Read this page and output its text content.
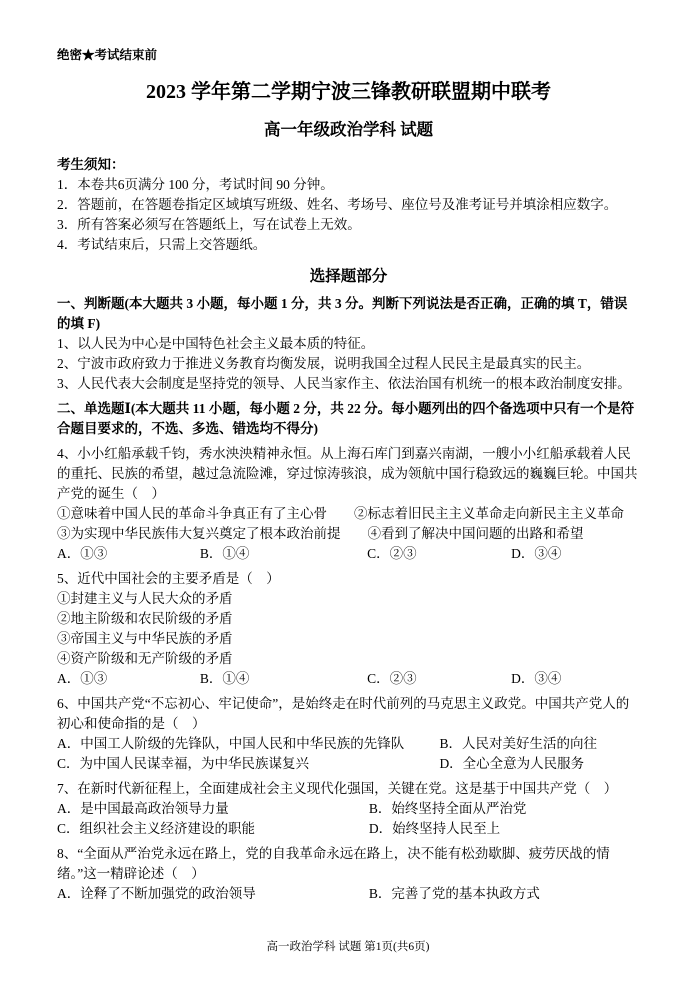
绝密★考试结束前
2023 学年第二学期宁波三锋教研联盟期中联考
高一年级政治学科 试题
考生须知：
1．本卷共6页满分 100 分，考试时间 90 分钟。
2．答题前，在答题卷指定区域填写班级、姓名、考场号、座位号及准考证号并填涂相应数字。
3．所有答案必须写在答题纸上，写在试卷上无效。
4．考试结束后，只需上交答题纸。
选择题部分
一、判断题(本大题共 3 小题，每小题 1 分，共 3 分。判断下列说法是否正确，正确的填 T，错误的填 F)
1、以人民为中心是中国特色社会主义最本质的特征。
2、宁波市政府致力于推进义务教育均衡发展，说明我国全过程人民民主是最真实的民主。
3、人民代表大会制度是坚持党的领导、人民当家作主、依法治国有机统一的根本政治制度安排。
二、单选题Ⅰ(本大题共 11 小题，每小题 2 分，共 22 分。每小题列出的四个备选项中只有一个是符合题目要求的，不选、多选、错选均不得分)
4、小小红船承载千钧，秀水泱泱精神永恒。从上海石库门到嘉兴南湖，一艘小小红船承载着人民的重托、民族的希望，越过急流险滩，穿过惊涛骇浪，成为领航中国行稳致远的巍巍巨轮。中国共产党的诞生（　）
①意味着中国人民的革命斗争真正有了主心骨　　②标志着旧民主主义革命走向新民主主义革命
③为实现中华民族伟大复兴奠定了根本政治前提　　④看到了解决中国问题的出路和希望
A．①③	B．①④	C．②③	D．③④
5、近代中国社会的主要矛盾是（　）
①封建主义与人民大众的矛盾
②地主阶级和农民阶级的矛盾
③帝国主义与中华民族的矛盾
④资产阶级和无产阶级的矛盾
A．①③	B．①④	C．②③	D．③④
6、中国共产党“不忘初心、牢记使命”，是始终走在时代前列的马克思主义政党。中国共产党人的初心和使命指的是（　）
A．中国工人阶级的先锋队，中国人民和中华民族的先锋队	B．人民对美好生活的向往
C．为中国人民谋幸福，为中华民族谋复兴	D．全心全意为人民服务
7、在新时代新征程上，全面建成社会主义现代化强国，关键在党。这是基于中国共产党（　）
A．是中国最高政治领导力量	B．始终坚持全面从严治党
C．组织社会主义经济建设的职能	D．始终坚持人民至上
8、“全面从严治党永远在路上，党的自我革命永远在路上，决不能有松劲歇脚、疲劳厌战的情绪。”这一精辟论述（　）
A．诠释了不断加强党的政治领导	B．完善了党的基本执政方式
高一政治学科 试题 第1页(共6页)
